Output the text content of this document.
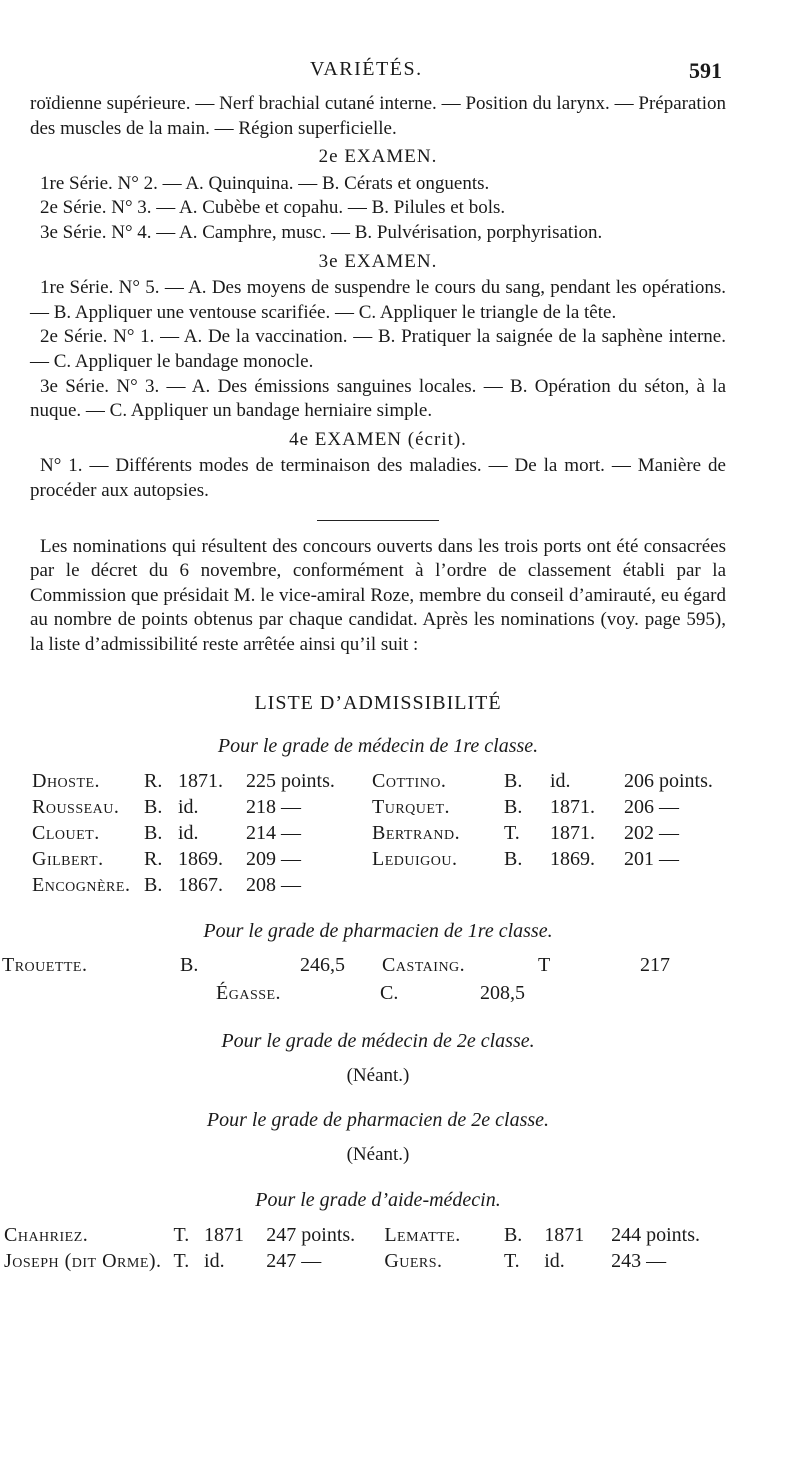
VARIÉTÉS.	591

roïdienne supérieure. — Nerf brachial cutané interne. — Position du larynx. — Préparation des muscles de la main. — Région superficielle.

2e EXAMEN.

1re Série. N° 2. — A. Quinquina. — B. Cérats et onguents.

2e Série. N° 3. — A. Cubèbe et copahu. — B. Pilules et bols.

3e Série. N° 4. — A. Camphre, musc. — B. Pulvérisation, porphyrisation.

3e EXAMEN.

1re Série. N° 5. — A. Des moyens de suspendre le cours du sang, pendant les opérations. — B. Appliquer une ventouse scarifiée. — C. Appliquer le triangle de la tête.

2e Série. N° 1. — A. De la vaccination. — B. Pratiquer la saignée de la saphène interne. — C. Appliquer le bandage monocle.

3e Série. N° 3. — A. Des émissions sanguines locales. — B. Opération du séton, à la nuque. — C. Appliquer un bandage herniaire simple.

4e EXAMEN (écrit).

N° 1. — Différents modes de terminaison des maladies. — De la mort. — Manière de procéder aux autopsies.

Les nominations qui résultent des concours ouverts dans les trois ports ont été consacrées par le décret du 6 novembre, conformément à l’ordre de classement établi par la Commission que présidait M. le vice-amiral Roze, membre du conseil d’amirauté, eu égard au nombre de points obtenus par chaque candidat. Après les nominations (voy. page 595), la liste d’admissibilité reste arrêtée ainsi qu’il suit :

LISTE D’ADMISSIBILITÉ
Pour le grade de médecin de 1re classe.
Dhoste.	R.	1871.	225 points.	Cottino.	B.	id.	206 points.
Rousseau.	B.	id.	218 —	Turquet.	B.	1871.	206 —
Clouet.	B.	id.	214 —	Bertrand.	T.	1871.	202 —
Gilbert.	R.	1869.	209 —	Leduigou.	B.	1869.	201 —
Encognère.	B.	1867.	208 —				
Pour le grade de pharmacien de 1re classe.
Trouette.	B.	246,5 Castaing.	T	217
Égasse.	C.	208,5
Pour le grade de médecin de 2e classe.
(Néant.)
Pour le grade de pharmacien de 2e classe.
(Néant.)
Pour le grade d’aide-médecin.
Chahriez.	T.	1871	247 points.	Lematte.	B.	1871	244 points.
Joseph (dit Orme).	T.	id.	247 —	Guers.	T.	id.	243 —
